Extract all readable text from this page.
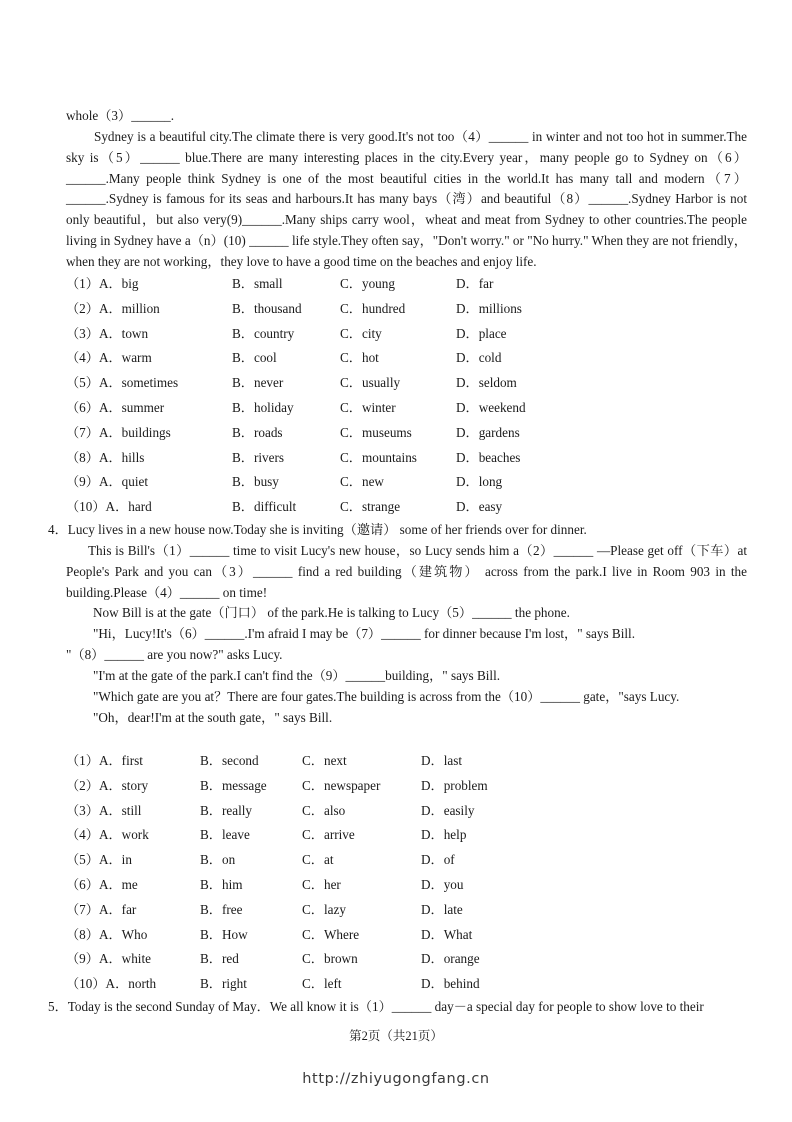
whole（3）______.
Sydney is a beautiful city.The climate there is very good.It's not too（4）______ in winter and not too hot in summer.The sky is（5）______ blue.There are many interesting places in the city.Every year，many people go to Sydney on（6）______.Many people think Sydney is one of the most beautiful cities in the world.It has many tall and modern（7）______.Sydney is famous for its seas and harbours.It has many bays（湾）and beautiful（8）______.Sydney Harbor is not only beautiful，but also very(9)______.Many ships carry wool，wheat and meat from Sydney to other countries.The people living in Sydney have a（n）(10) ______ life style.They often say，"Don't worry." or "No hurry." When they are not friendly，when they are not working，they love to have a good time on the beaches and enjoy life.
（1）A．big	B．small	C．young	D．far
（2）A．million	B．thousand	C．hundred	D．millions
（3）A．town	B．country	C．city	D．place
（4）A．warm	B．cool	C．hot	D．cold
（5）A．sometimes	B．never	C．usually	D．seldom
（6）A．summer	B．holiday	C．winter	D．weekend
（7）A．buildings	B．roads	C．museums	D．gardens
（8）A．hills	B．rivers	C．mountains	D．beaches
（9）A．quiet	B．busy	C．new	D．long
（10）A．hard	B．difficult	C．strange	D．easy
4．Lucy lives in a new house now.Today she is inviting（邀请） some of her friends over for dinner.
This is Bill's（1）______ time to visit Lucy's new house，so Lucy sends him a（2）______ —Please get off（下车）at People's Park and you can（3）______ find a red building（建筑物） across from the park.I live in Room 903 in the building.Please（4）______ on time!
Now Bill is at the gate（门口） of the park.He is talking to Lucy（5）______ the phone.
"Hi，Lucy!It's（6）______.I'm afraid I may be（7）______ for dinner because I'm lost，" says Bill.
"（8）______ are you now?" asks Lucy.
"I'm at the gate of the park.I can't find the（9）______building，" says Bill.
"Which gate are you at？There are four gates.The building is across from the（10）______ gate，"says Lucy.
"Oh，dear!I'm at the south gate，" says Bill.
（1）A．first	B．second	C．next	D．last
（2）A．story	B．message	C．newspaper	D．problem
（3）A．still	B．really	C．also	D．easily
（4）A．work	B．leave	C．arrive	D．help
（5）A．in	B．on	C．at	D．of
（6）A．me	B．him	C．her	D．you
（7）A．far	B．free	C．lazy	D．late
（8）A．Who	B．How	C．Where	D．What
（9）A．white	B．red	C．brown	D．orange
（10）A．north	B．right	C．left	D．behind
5．Today is the second Sunday of May．We all know it is（1）______ day－a special day for people to show love to their
第2页（共21页）
http://zhiyugongfang.cn
